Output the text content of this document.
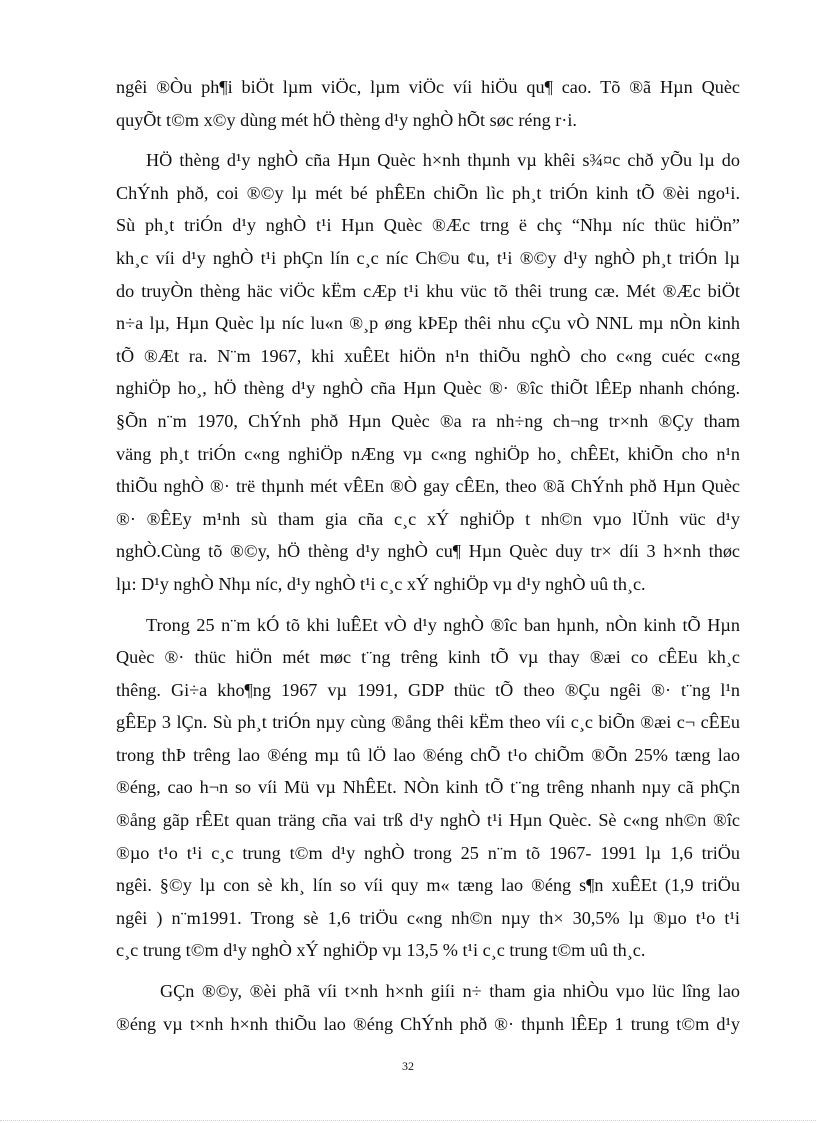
ngêi ®Òu ph¶i biÖt lµm viÖc, lµm viÖc víi hiÖu qu¶ cao. Tõ ®ã Hµn Quèc
quyÕt t©m x©y dùng mét hÖ thèng d¹y nghÒ hÕt søc réng r·i.
HÖ thèng d¹y nghÒ cña Hµn Quèc h×nh thµnh vµ khêi s¾¤c chð yÕu lµ do
ChÝnh phð, coi ®©y lµ mét bé phÊEn chiÕn lìc ph¸t triÓn kinh tÕ ®èi ngo¹i.
Sù ph¸t triÓn d¹y nghÒ t¹i Hµn Quèc ®Æc trng ë chç “Nhµ níc thüc hiÖn”
kh¸c víi d¹y nghÒ t¹i phÇn lín c¸c níc Ch©u ¢u, t¹i ®©y d¹y nghÒ ph¸t triÓn lµ
do truyÒn thèng häc viÖc kËm cÆp t¹i khu vüc tõ thêi trung cæ. Mét ®Æc biÖt
n÷a lµ, Hµn Quèc lµ níc lu«n ®¸p øng kÞEp thêi nhu cÇu vÒ NNL mµ nÒn kinh
tÕ ®Æt ra. N¨m 1967, khi xuÊEt hiÖn n¹n thiÕu nghÒ cho c«ng cuéc c«ng
nghiÖp ho¸, hÖ thèng d¹y nghÒ cña Hµn Quèc ®· ®îc thiÕt lÊEp nhanh chóng.
§Õn n¨m 1970, ChÝnh phð Hµn Quèc ®a ra nh÷ng ch¬ng tr×nh ®Çy tham
väng ph¸t triÓn c«ng nghiÖp nÆng vµ c«ng nghiÖp ho¸ chÊEt, khiÕn cho n¹n
thiÕu nghÒ ®· trë thµnh mét vÊEn ®Ò gay cÊEn, theo ®ã ChÝnh phð Hµn Quèc
®· ®ÊEy m¹nh sù tham gia cña c¸c xÝ nghiÖp t nh©n vµo lÜnh vüc d¹y
nghÒ.Cùng tõ ®©y, hÖ thèng d¹y nghÒ cu¶ Hµn Quèc duy tr× díi 3 h×nh thøc
lµ: D¹y nghÒ Nhµ níc, d¹y nghÒ t¹i c¸c xÝ nghiÖp vµ d¹y nghÒ uû th¸c.
Trong 25 n¨m kÓ tõ khi luÊEt vÒ d¹y nghÒ ®îc ban hµnh, nÒn kinh tÕ Hµn
Quèc ®· thüc hiÖn mét møc t¨ng trêng kinh tÕ vµ thay ®æi co cÊEu kh¸c
thêng. Gi÷a kho¶ng 1967 vµ 1991, GDP thüc tÕ theo ®Çu ngêi ®· t¨ng l¹n
gÊEp 3 lÇn. Sù ph¸t triÓn nµy cùng ®ång thêi kËm theo víi c¸c biÕn ®æi c¬ cÊEu
trong thÞ trêng lao ®éng mµ tû lÖ lao ®éng chÕ t¹o chiÕm ®Õn 25% tæng lao
®éng, cao h¬n so víi Mü vµ NhÊEt. NÒn kinh tÕ t¨ng trêng nhanh nµy cã phÇn
®ång gãp rÊEt quan träng cña vai trß d¹y nghÒ t¹i Hµn Quèc. Sè c«ng nh©n ®îc
®µo t¹o t¹i c¸c trung t©m d¹y nghÒ trong 25 n¨m tõ 1967- 1991 lµ 1,6 triÖu
ngêi. §©y lµ con sè kh¸ lín so víi quy m« tæng lao ®éng s¶n xuÊEt (1,9 triÖu
ngêi ) n¨m1991. Trong sè 1,6 triÖu c«ng nh©n nµy th× 30,5% lµ ®µo t¹o t¹i
c¸c trung t©m d¹y nghÒ xÝ nghiÖp vµ 13,5 % t¹i c¸c trung t©m uû th¸c.
GÇn ®©y, ®èi phã víi t×nh h×nh giíi n÷ tham gia nhiÒu vµo lüc lîng lao
®éng vµ t×nh h×nh thiÕu lao ®éng ChÝnh phð ®· thµnh lÊEp 1 trung t©m d¹y
32
